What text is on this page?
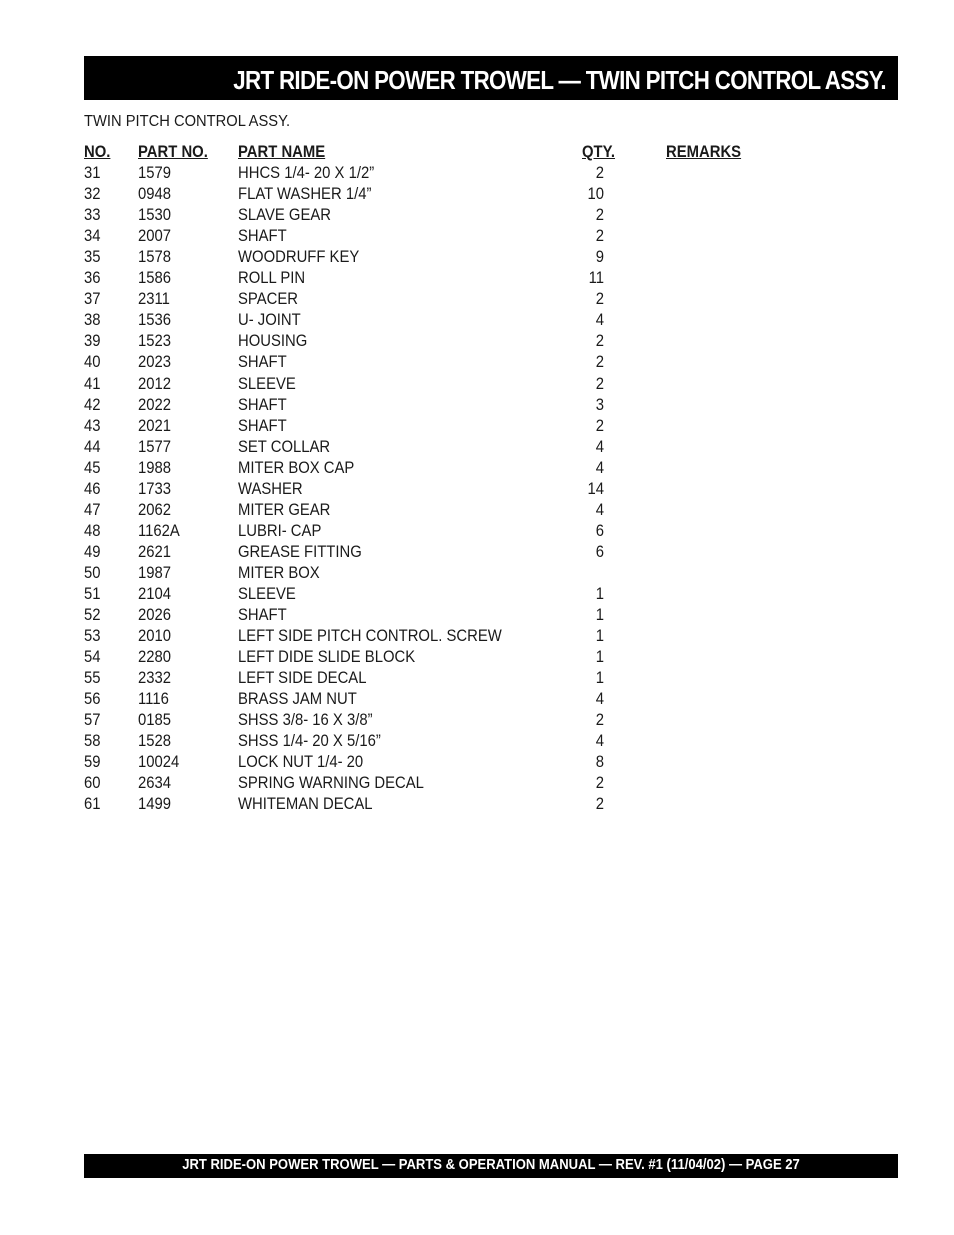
JRT RIDE-ON POWER TROWEL — TWIN PITCH CONTROL ASSY.
TWIN PITCH CONTROL ASSY.
NO. PART NO. PART NAME	QTY.	REMARKS
31 1579	HHCS 1/4- 20 X 1/2”	2
32 0948	FLAT WASHER 1/4”	10
33 1530	SLAVE GEAR	2
34 2007	SHAFT	2
35 1578	WOODRUFF KEY	9
36 1586	ROLL PIN	11
37 2311	SPACER	2
38 1536	U- JOINT	4
39 1523	HOUSING	2
40 2023	SHAFT	2
41 2012	SLEEVE	2
42 2022	SHAFT	3
43 2021	SHAFT	2
44 1577	SET COLLAR	4
45 1988	MITER BOX CAP	4
46 1733	WASHER	14
47 2062	MITER GEAR	4
48 1162A	LUBRI- CAP	6
49 2621	GREASE FITTING	6
50 1987	MITER BOX
51 2104	SLEEVE	1
52 2026	SHAFT	1
53 2010	LEFT SIDE PITCH CONTROL. SCREW	1
54 2280	LEFT DIDE SLIDE BLOCK	1
55 2332	LEFT SIDE DECAL	1
56 1116	BRASS JAM NUT	4
57 0185	SHSS 3/8- 16 X 3/8”	2
58 1528	SHSS 1/4- 20 X 5/16”	4
59 10024	LOCK NUT 1/4- 20	8
60 2634	SPRING WARNING DECAL	2
61 1499	WHITEMAN DECAL	2
JRT RIDE-ON POWER TROWEL — PARTS & OPERATION MANUAL — REV. #1 (11/04/02) — PAGE 27
